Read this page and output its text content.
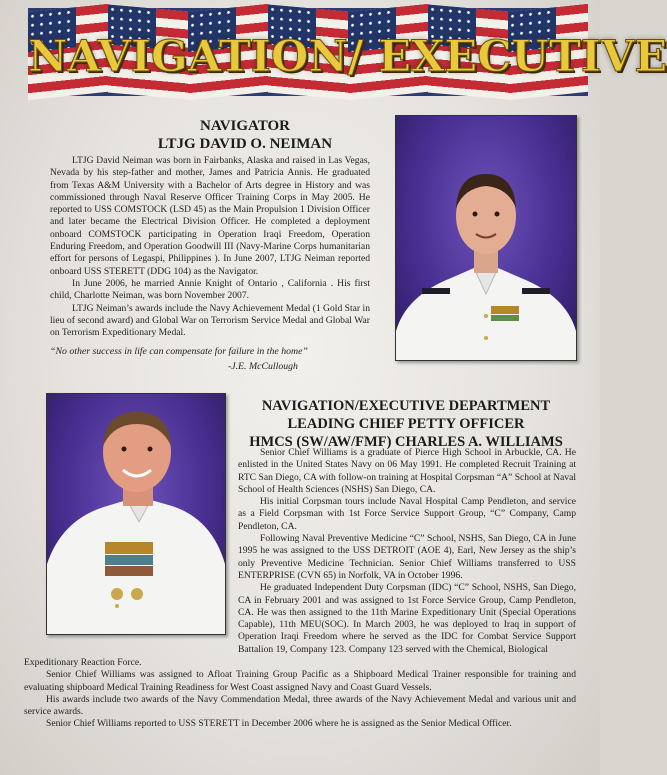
NAVIGATION/ EXECUTIVE
NAVIGATOR
LTJG DAVID O. NEIMAN

LTJG David Neiman was born in Fairbanks, Alaska and raised in Las Vegas, Nevada by his step-father and mother, James and Patricia Annis. He graduated from Texas A&M University with a Bachelor of Arts degree in History and was commissioned through Naval Reserve Officer Training Corps in May 2005. He reported to USS COMSTOCK (LSD 45) as the Main Propulsion 1 Division Officer and later became the Electrical Division Officer. He completed a deployment onboard COMSTOCK participating in Operation Iraqi Freedom, Operation Enduring Freedom, and Operation Goodwill III (Navy-Marine Corps humanitarian effort for persons of Legaspi, Philippines ). In June 2007, LTJG Neiman reported onboard USS STERETT (DDG 104) as the Navigator.

In June 2006, he married Annie Knight of Ontario , California . His first child, Charlotte Neiman, was born November 2007.

LTJG Neiman’s awards include the Navy Achievement Medal (1 Gold Star in lieu of second award) and Global War on Terrorism Service Medal and Global War on Terrorism Expeditionary Medal.

“No other success in life can compensate for failure in the home”
-J.E. McCullough
NAVIGATION/EXECUTIVE DEPARTMENT
LEADING CHIEF PETTY OFFICER
HMCS (SW/AW/FMF) CHARLES A. WILLIAMS

Senior Chief Williams is a graduate of Pierce High School in Arbuckle, CA. He enlisted in the United States Navy on 06 May 1991. He completed Recruit Training at RTC San Diego, CA with follow-on training at Hospital Corpsman “A” School at Naval School of Health Sciences (NSHS) San Diego, CA.

His initial Corpsman tours include Naval Hospital Camp Pendleton, and service as a Field Corpsman with 1st Force Service Support Group, “C” Company, Camp Pendleton, CA.

Following Naval Preventive Medicine “C” School, NSHS, San Diego, CA in June 1995 he was assigned to the USS DETROIT (AOE 4), Earl, New Jersey as the ship’s only Preventive Medicine Technician. Senior Chief Williams transferred to USS ENTERPRISE (CVN 65) in Norfolk, VA in October 1996.

He graduated Independent Duty Corpsman (IDC) “C” School, NSHS, San Diego, CA in February 2001 and was assigned to 1st Force Service Group, Camp Pendleton, CA. He was then assigned to the 11th Marine Expeditionary Unit (Special Operations Capable), 11th MEU(SOC). In March 2003, he was deployed to Iraq in support of Operation Iraqi Freedom where he served as the IDC for Combat Service Support Battalion 19, Company 123. Company 123 served with the Chemical, Biological

Expeditionary Reaction Force.

Senior Chief Williams was assigned to Afloat Training Group Pacific as a Shipboard Medical Trainer responsible for training and evaluating shipboard Medical Training Readiness for West Coast assigned Navy and Coast Guard Vessels.

His awards include two awards of the Navy Commendation Medal, three awards of the Navy Achievement Medal and various unit and service awards.

Senior Chief Williams reported to USS STERETT in December 2006 where he is assigned as the Senior Medical Officer.
